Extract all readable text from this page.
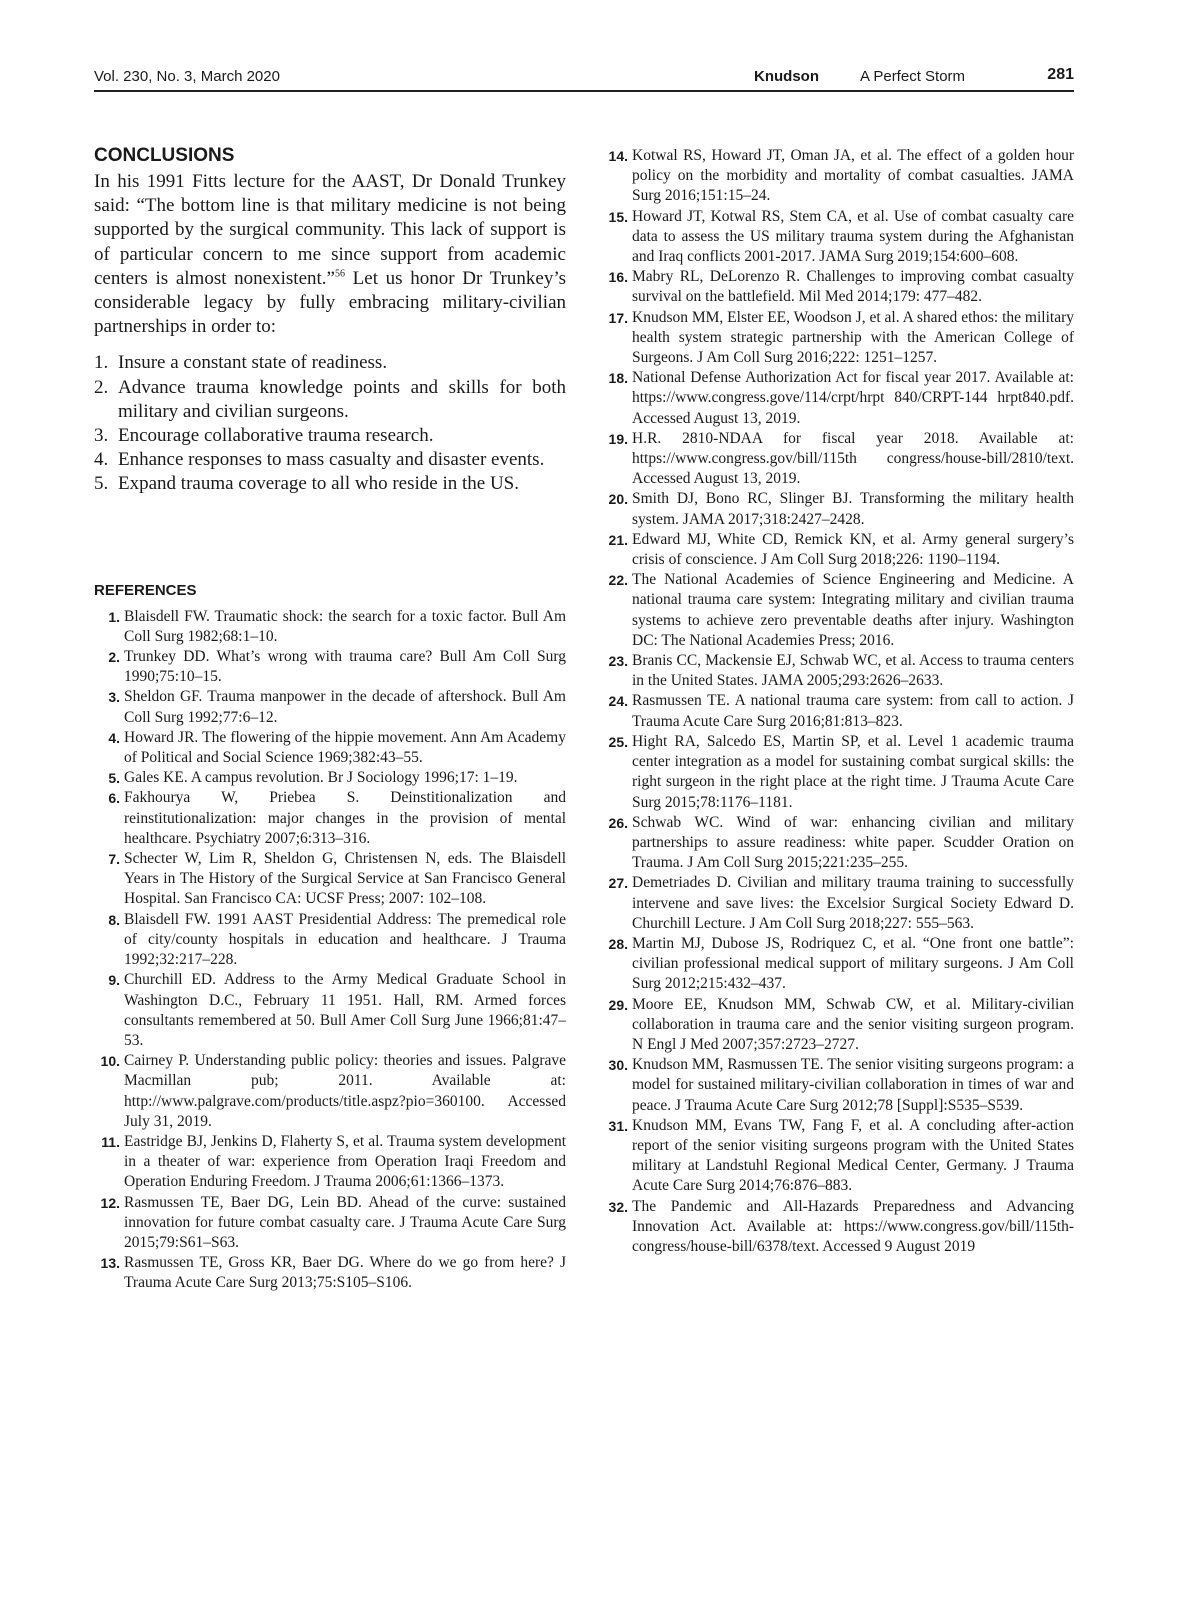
Vol. 230, No. 3, March 2020	Knudson	A Perfect Storm	281
CONCLUSIONS

In his 1991 Fitts lecture for the AAST, Dr Donald Trunkey said: “The bottom line is that military medicine is not being supported by the surgical community. This lack of support is of particular concern to me since support from academic centers is almost nonexistent.”$^{56}$ Let us honor Dr Trunkey’s considerable legacy by fully embracing military-civilian partnerships in order to:

1. Insure a constant state of readiness.
2. Advance trauma knowledge points and skills for both military and civilian surgeons.
3. Encourage collaborative trauma research.
4. Enhance responses to mass casualty and disaster events.
5. Expand trauma coverage to all who reside in the US.
REFERENCES
1. Blaisdell FW. Traumatic shock: the search for a toxic factor. Bull Am Coll Surg 1982;68:1–10.
2. Trunkey DD. What’s wrong with trauma care? Bull Am Coll Surg 1990;75:10–15.
3. Sheldon GF. Trauma manpower in the decade of aftershock. Bull Am Coll Surg 1992;77:6–12.
4. Howard JR. The flowering of the hippie movement. Ann Am Academy of Political and Social Science 1969;382:43–55.
5. Gales KE. A campus revolution. Br J Sociology 1996;17: 1–19.
6. Fakhourya W, Priebea S. Deinstitionalization and reinstitutionalization: major changes in the provision of mental healthcare. Psychiatry 2007;6:313–316.
7. Schecter W, Lim R, Sheldon G, Christensen N, eds. The Blaisdell Years in The History of the Surgical Service at San Francisco General Hospital. San Francisco CA: UCSF Press; 2007: 102–108.
8. Blaisdell FW. 1991 AAST Presidential Address: The premedical role of city/county hospitals in education and healthcare. J Trauma 1992;32:217–228.
9. Churchill ED. Address to the Army Medical Graduate School in Washington D.C., February 11 1951. Hall, RM. Armed forces consultants remembered at 50. Bull Amer Coll Surg June 1966;81:47–53.
10. Cairney P. Understanding public policy: theories and issues. Palgrave Macmillan pub; 2011. Available at: http://www.palgrave.com/products/title.aspz?pio=360100. Accessed July 31, 2019.
11. Eastridge BJ, Jenkins D, Flaherty S, et al. Trauma system development in a theater of war: experience from Operation Iraqi Freedom and Operation Enduring Freedom. J Trauma 2006;61:1366–1373.
12. Rasmussen TE, Baer DG, Lein BD. Ahead of the curve: sustained innovation for future combat casualty care. J Trauma Acute Care Surg 2015;79:S61–S63.
13. Rasmussen TE, Gross KR, Baer DG. Where do we go from here? J Trauma Acute Care Surg 2013;75:S105–S106.
14. Kotwal RS, Howard JT, Oman JA, et al. The effect of a golden hour policy on the morbidity and mortality of combat casualties. JAMA Surg 2016;151:15–24.
15. Howard JT, Kotwal RS, Stem CA, et al. Use of combat casualty care data to assess the US military trauma system during the Afghanistan and Iraq conflicts 2001-2017. JAMA Surg 2019;154:600–608.
16. Mabry RL, DeLorenzo R. Challenges to improving combat casualty survival on the battlefield. Mil Med 2014;179: 477–482.
17. Knudson MM, Elster EE, Woodson J, et al. A shared ethos: the military health system strategic partnership with the American College of Surgeons. J Am Coll Surg 2016;222: 1251–1257.
18. National Defense Authorization Act for fiscal year 2017. Available at: https://www.congress.gove/114/crpt/hrpt 840/CRPT-144 hrpt840.pdf. Accessed August 13, 2019.
19. H.R. 2810-NDAA for fiscal year 2018. Available at: https://www.congress.gov/bill/115th congress/house-bill/2810/text. Accessed August 13, 2019.
20. Smith DJ, Bono RC, Slinger BJ. Transforming the military health system. JAMA 2017;318:2427–2428.
21. Edward MJ, White CD, Remick KN, et al. Army general surgery’s crisis of conscience. J Am Coll Surg 2018;226: 1190–1194.
22. The National Academies of Science Engineering and Medicine. A national trauma care system: Integrating military and civilian trauma systems to achieve zero preventable deaths after injury. Washington DC: The National Academies Press; 2016.
23. Branis CC, Mackensie EJ, Schwab WC, et al. Access to trauma centers in the United States. JAMA 2005;293:2626–2633.
24. Rasmussen TE. A national trauma care system: from call to action. J Trauma Acute Care Surg 2016;81:813–823.
25. Hight RA, Salcedo ES, Martin SP, et al. Level 1 academic trauma center integration as a model for sustaining combat surgical skills: the right surgeon in the right place at the right time. J Trauma Acute Care Surg 2015;78:1176–1181.
26. Schwab WC. Wind of war: enhancing civilian and military partnerships to assure readiness: white paper. Scudder Oration on Trauma. J Am Coll Surg 2015;221:235–255.
27. Demetriades D. Civilian and military trauma training to successfully intervene and save lives: the Excelsior Surgical Society Edward D. Churchill Lecture. J Am Coll Surg 2018;227: 555–563.
28. Martin MJ, Dubose JS, Rodriquez C, et al. “One front one battle”: civilian professional medical support of military surgeons. J Am Coll Surg 2012;215:432–437.
29. Moore EE, Knudson MM, Schwab CW, et al. Military-civilian collaboration in trauma care and the senior visiting surgeon program. N Engl J Med 2007;357:2723–2727.
30. Knudson MM, Rasmussen TE. The senior visiting surgeons program: a model for sustained military-civilian collaboration in times of war and peace. J Trauma Acute Care Surg 2012;78 [Suppl]:S535–S539.
31. Knudson MM, Evans TW, Fang F, et al. A concluding after-action report of the senior visiting surgeons program with the United States military at Landstuhl Regional Medical Center, Germany. J Trauma Acute Care Surg 2014;76:876–883.
32. The Pandemic and All-Hazards Preparedness and Advancing Innovation Act. Available at: https://www.congress.gov/bill/115th-congress/house-bill/6378/text. Accessed 9 August 2019
